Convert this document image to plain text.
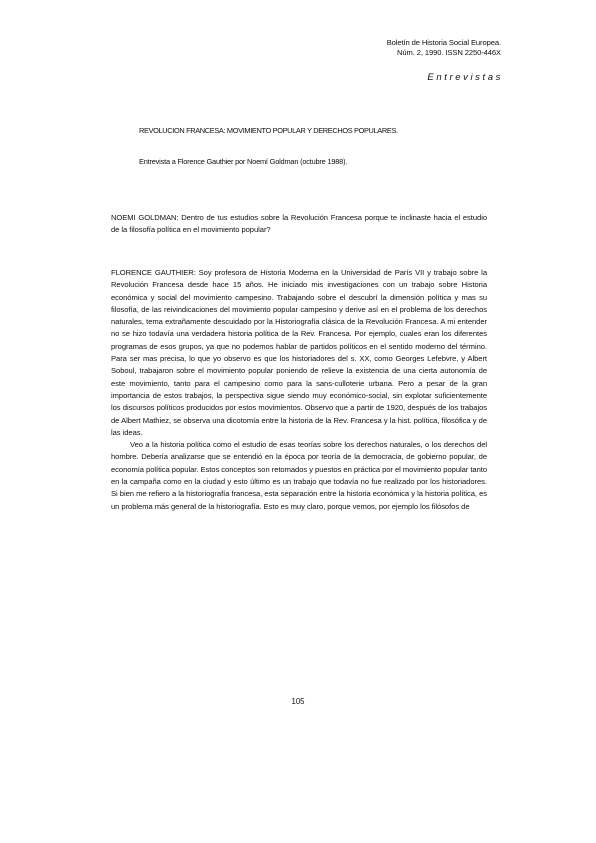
Boletín de Historia Social Europea.
Núm. 2, 1990. ISSN 2250-446X
Entrevistas
REVOLUCION FRANCESA: MOVIMIENTO POPULAR Y DERECHOS POPULARES.
Entrevista a Florence Gauthier por Noemí Goldman (octubre 1988).

NOEMI GOLDMAN: Dentro de tus estudios sobre la Revolución Francesa porque te inclinaste hacia el estudio de la filosofía política en el movimiento popular?

FLORENCE GAUTHIER: Soy profesora de Historia Moderna en la Universidad de París VII y trabajo sobre la Revolución Francesa desde hace 15 años. He iniciado mis investigaciones con un trabajo sobre Historia económica y social del movimiento campesino. Trabajando sobre el descubrí la dimensión política y mas su filosofía, de las reivindicaciones del movimiento popular campesino y derive así en el problema de los derechos naturales, tema extrañamente descuidado por la Historiografía clásica de la Revolución Francesa. A mi entender no se hizo todavía una verdadera historia política de la Rev. Francesa. Por ejemplo, cuales eran los diferentes programas de esos grupos, ya que no podemos hablar de partidos políticos en el sentido moderno del término. Para ser mas precisa, lo que yo observo es que los historiadores del s. XX, como Georges Lefebvre, y Albert Soboul, trabajaron sobre el movimiento popular poniendo de relieve la existencia de una cierta autonomía de este movimiento, tanto para el campesino como para la sans-culloterie urbana. Pero a pesar de la gran importancia de estos trabajos, la perspectiva sigue siendo muy económico-social, sin explotar suficientemente los discursos políticos producidos por estos movimientos. Observo que a partir de 1920, después de los trabajos de Albert Mathiez, se observa una dicotomía entre la historia de la Rev. Francesa y la hist. política, filosófica y de las ideas.

Veo a la historia política como el estudio de esas teorías sobre los derechos naturales, o los derechos del hombre. Debería analizarse que se entendió en la época por teoría de la democracia, de gobierno popular, de economía política popular. Estos conceptos son retomados y puestos en práctica por el movimiento popular tanto en la campaña como en la ciudad y esto último es un trabajo que todavía no fue realizado por los historiadores. Si bien me refiero a la historiografía francesa, esta separación entre la historia económica y la historia política, es un problema más general de la historiografía. Esto es muy claro, porque vemos, por ejemplo los filósofos de

105
